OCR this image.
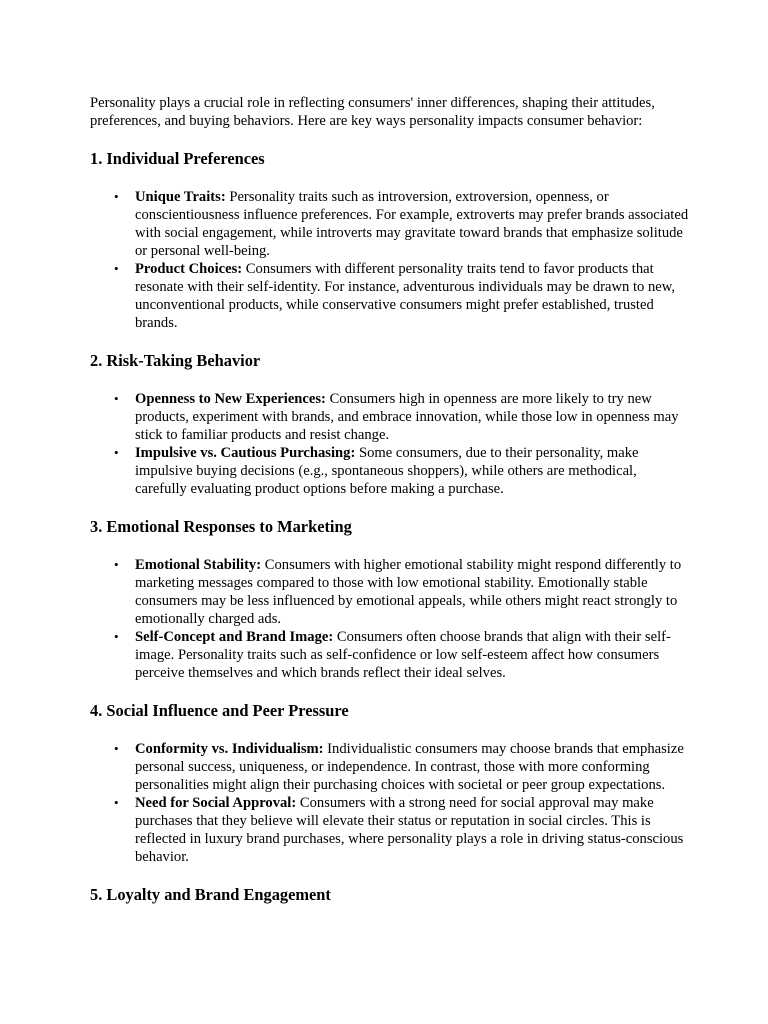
Personality plays a crucial role in reflecting consumers' inner differences, shaping their attitudes, preferences, and buying behaviors. Here are key ways personality impacts consumer behavior:

1. Individual Preferences
• Unique Traits: Personality traits such as introversion, extroversion, openness, or conscientiousness influence preferences. For example, extroverts may prefer brands associated with social engagement, while introverts may gravitate toward brands that emphasize solitude or personal well-being.
• Product Choices: Consumers with different personality traits tend to favor products that resonate with their self-identity. For instance, adventurous individuals may be drawn to new, unconventional products, while conservative consumers might prefer established, trusted brands.
2. Risk-Taking Behavior
• Openness to New Experiences: Consumers high in openness are more likely to try new products, experiment with brands, and embrace innovation, while those low in openness may stick to familiar products and resist change.
• Impulsive vs. Cautious Purchasing: Some consumers, due to their personality, make impulsive buying decisions (e.g., spontaneous shoppers), while others are methodical, carefully evaluating product options before making a purchase.
3. Emotional Responses to Marketing
• Emotional Stability: Consumers with higher emotional stability might respond differently to marketing messages compared to those with low emotional stability. Emotionally stable consumers may be less influenced by emotional appeals, while others might react strongly to emotionally charged ads.
• Self-Concept and Brand Image: Consumers often choose brands that align with their self-image. Personality traits such as self-confidence or low self-esteem affect how consumers perceive themselves and which brands reflect their ideal selves.
4. Social Influence and Peer Pressure
• Conformity vs. Individualism: Individualistic consumers may choose brands that emphasize personal success, uniqueness, or independence. In contrast, those with more conforming personalities might align their purchasing choices with societal or peer group expectations.
• Need for Social Approval: Consumers with a strong need for social approval may make purchases that they believe will elevate their status or reputation in social circles. This is reflected in luxury brand purchases, where personality plays a role in driving status-conscious behavior.
5. Loyalty and Brand Engagement
